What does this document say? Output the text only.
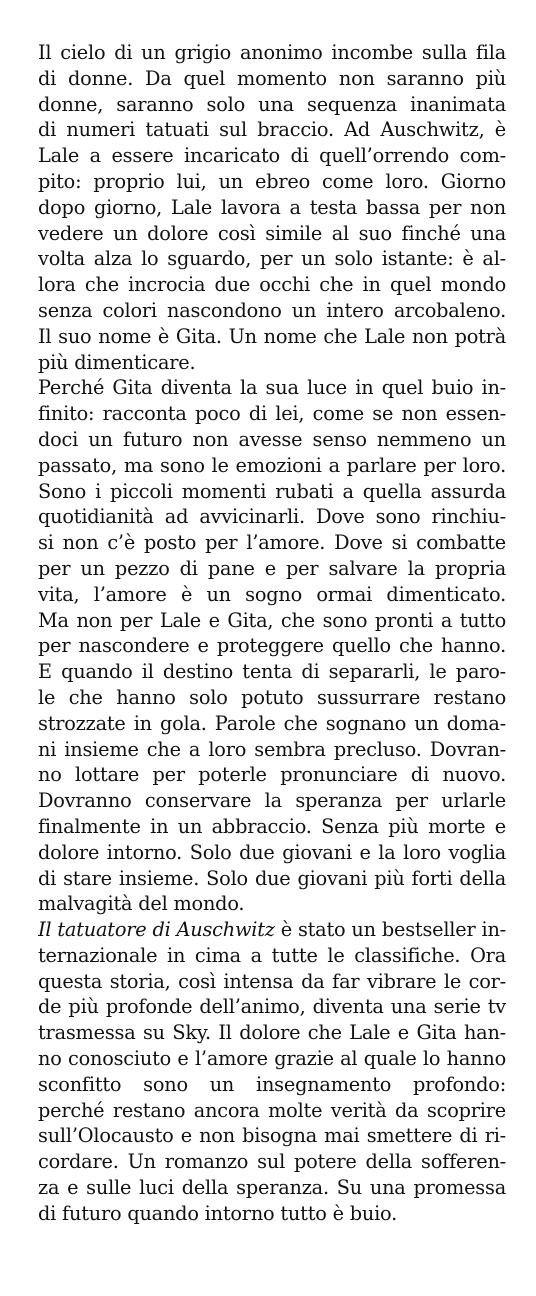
Il cielo di un grigio anonimo incombe sulla fila
di donne. Da quel momento non saranno più
donne, saranno solo una sequenza inanimata
di numeri tatuati sul braccio. Ad Auschwitz, è
Lale a essere incaricato di quell’orrendo com-
pito: proprio lui, un ebreo come loro. Giorno
dopo giorno, Lale lavora a testa bassa per non
vedere un dolore così simile al suo finché una
volta alza lo sguardo, per un solo istante: è al-
lora che incrocia due occhi che in quel mondo
senza colori nascondono un intero arcobaleno.
Il suo nome è Gita. Un nome che Lale non potrà
più dimenticare.
Perché Gita diventa la sua luce in quel buio in-
finito: racconta poco di lei, come se non essen-
doci un futuro non avesse senso nemmeno un
passato, ma sono le emozioni a parlare per loro.
Sono i piccoli momenti rubati a quella assurda
quotidianità ad avvicinarli. Dove sono rinchiu-
si non c’è posto per l’amore. Dove si combatte
per un pezzo di pane e per salvare la propria
vita, l’amore è un sogno ormai dimenticato.
Ma non per Lale e Gita, che sono pronti a tutto
per nascondere e proteggere quello che hanno.
E quando il destino tenta di separarli, le paro-
le che hanno solo potuto sussurrare restano
strozzate in gola. Parole che sognano un doma-
ni insieme che a loro sembra precluso. Dovran-
no lottare per poterle pronunciare di nuovo.
Dovranno conservare la speranza per urlarle
finalmente in un abbraccio. Senza più morte e
dolore intorno. Solo due giovani e la loro voglia
di stare insieme. Solo due giovani più forti della
malvagità del mondo.
Il tatuatore di Auschwitz è stato un bestseller in-
ternazionale in cima a tutte le classifiche. Ora
questa storia, così intensa da far vibrare le cor-
de più profonde dell’animo, diventa una serie tv
trasmessa su Sky. Il dolore che Lale e Gita han-
no conosciuto e l’amore grazie al quale lo hanno
sconfitto sono un insegnamento profondo:
perché restano ancora molte verità da scoprire
sull’Olocausto e non bisogna mai smettere di ri-
cordare. Un romanzo sul potere della sofferen-
za e sulle luci della speranza. Su una promessa
di futuro quando intorno tutto è buio.
